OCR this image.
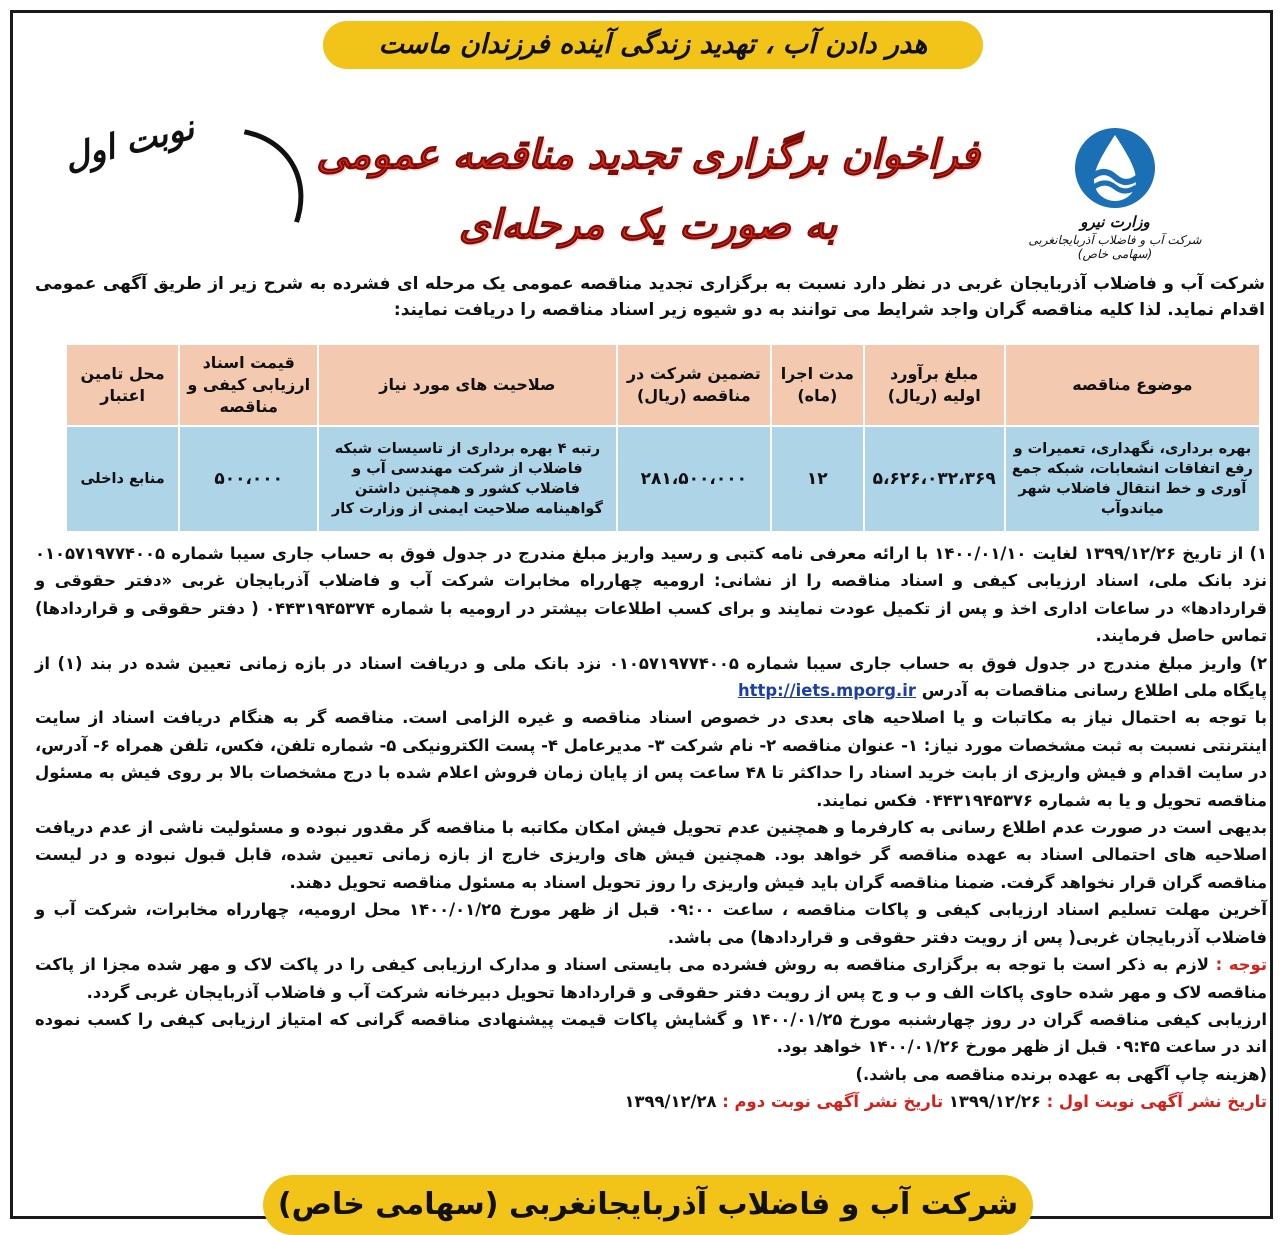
هدر دادن آب ، تهدید زندگی آینده فرزندان ماست
نوبت اول
وزارت نیرو
شرکت آب و فاضلاب آذربایجانغربی (سهامی خاص)
فراخوان برگزاری تجدید مناقصه عمومی
به صورت یک مرحله‌ای
شرکت آب و فاضلاب آذربایجان غربی در نظر دارد نسبت به برگزاری تجدید مناقصه عمومی یک مرحله ای فشرده به شرح زیر از طریق آگهی عمومی اقدام نماید. لذا کلیه مناقصه گران واجد شرایط می توانند به دو شیوه زیر اسناد مناقصه را دریافت نمایند:
موضوع مناقصه	مبلغ برآورد اولیه (ریال)	مدت اجرا (ماه)	تضمین شرکت در مناقصه (ریال)	صلاحیت های مورد نیاز	قیمت اسناد ارزیابی کیفی و مناقصه	محل تامین اعتبار
بهره برداری، نگهداری، تعمیرات و رفع اتفاقات انشعابات، شبکه جمع آوری و خط انتقال فاضلاب شهر میاندوآب	۵،۶۲۶،۰۳۲،۳۶۹	۱۲	۲۸۱،۵۰۰،۰۰۰	رتبه ۴ بهره برداری از تاسیسات شبکه فاضلاب از شرکت مهندسی آب و فاضلاب کشور و همچنین داشتن گواهینامه صلاحیت ایمنی از وزارت کار	۵۰۰،۰۰۰	منابع داخلی

۱) از تاریخ ۱۳۹۹/۱۲/۲۶ لغایت ۱۴۰۰/۰۱/۱۰ با ارائه معرفی نامه کتبی و رسید واریز مبلغ مندرج در جدول فوق به حساب جاری سیبا شماره ۰۱۰۵۷۱۹۷۷۴۰۰۵ نزد بانک ملی، اسناد ارزیابی کیفی و اسناد مناقصه را از نشانی: ارومیه چهارراه مخابرات شرکت آب و فاضلاب آذربایجان غربی «دفتر حقوقی و قراردادها» در ساعات اداری اخذ و پس از تکمیل عودت نمایند و برای کسب اطلاعات بیشتر در ارومیه با شماره ۰۴۴۳۱۹۴۵۳۷۴ ( دفتر حقوقی و قراردادها) تماس حاصل فرمایند.

۲) واریز مبلغ مندرج در جدول فوق به حساب جاری سیبا شماره ۰۱۰۵۷۱۹۷۷۴۰۰۵ نزد بانک ملی و دریافت اسناد در بازه زمانی تعیین شده در بند (۱) از پایگاه ملی اطلاع رسانی مناقصات به آدرس http://iets.mporg.ir

با توجه به احتمال نیاز به مکاتبات و یا اصلاحیه های بعدی در خصوص اسناد مناقصه و غیره الزامی است. مناقصه گر به هنگام دریافت اسناد از سایت اینترنتی نسبت به ثبت مشخصات مورد نیاز: ۱- عنوان مناقصه ۲- نام شرکت ۳- مدیرعامل ۴- پست الکترونیکی ۵- شماره تلفن، فکس، تلفن همراه ۶- آدرس، در سایت اقدام و فیش واریزی از بابت خرید اسناد را حداکثر تا ۴۸ ساعت پس از پایان زمان فروش اعلام شده با درج مشخصات بالا بر روی فیش به مسئول مناقصه تحویل و یا به شماره ۰۴۴۳۱۹۴۵۳۷۶ فکس نمایند.

بدیهی است در صورت عدم اطلاع رسانی به کارفرما و همچنین عدم تحویل فیش امکان مکاتبه با مناقصه گر مقدور نبوده و مسئولیت ناشی از عدم دریافت اصلاحیه های احتمالی اسناد به عهده مناقصه گر خواهد بود. همچنین فیش های واریزی خارج از بازه زمانی تعیین شده، قابل قبول نبوده و در لیست مناقصه گران قرار نخواهد گرفت. ضمنا مناقصه گران باید فیش واریزی را روز تحویل اسناد به مسئول مناقصه تحویل دهند.

آخرین مهلت تسلیم اسناد ارزیابی کیفی و پاکات مناقصه ، ساعت ۰۹:۰۰ قبل از ظهر مورخ ۱۴۰۰/۰۱/۲۵ محل ارومیه، چهارراه مخابرات، شرکت آب و فاضلاب آذربایجان غربی( پس از رویت دفتر حقوقی و قراردادها) می باشد.

توجه : لازم به ذکر است با توجه به برگزاری مناقصه به روش فشرده می بایستی اسناد و مدارک ارزیابی کیفی را در پاکت لاک و مهر شده مجزا از پاکت مناقصه لاک و مهر شده حاوی پاکات الف و ب و ج پس از رویت دفتر حقوقی و قراردادها تحویل دبیرخانه شرکت آب و فاضلاب آذربایجان غربی گردد.

ارزیابی کیفی مناقصه گران در روز چهارشنبه مورخ ۱۴۰۰/۰۱/۲۵ و گشایش پاکات قیمت پیشنهادی مناقصه گرانی که امتیاز ارزیابی کیفی را کسب نموده اند در ساعت ۰۹:۴۵ قبل از ظهر مورخ ۱۴۰۰/۰۱/۲۶ خواهد بود.

(هزینه چاپ آگهی به عهده برنده مناقصه می باشد.)

تاریخ نشر آگهی نوبت اول : ۱۳۹۹/۱۲/۲۶ تاریخ نشر آگهی نوبت دوم : ۱۳۹۹/۱۲/۲۸

شرکت آب و فاضلاب آذربایجانغربی (سهامی خاص)
